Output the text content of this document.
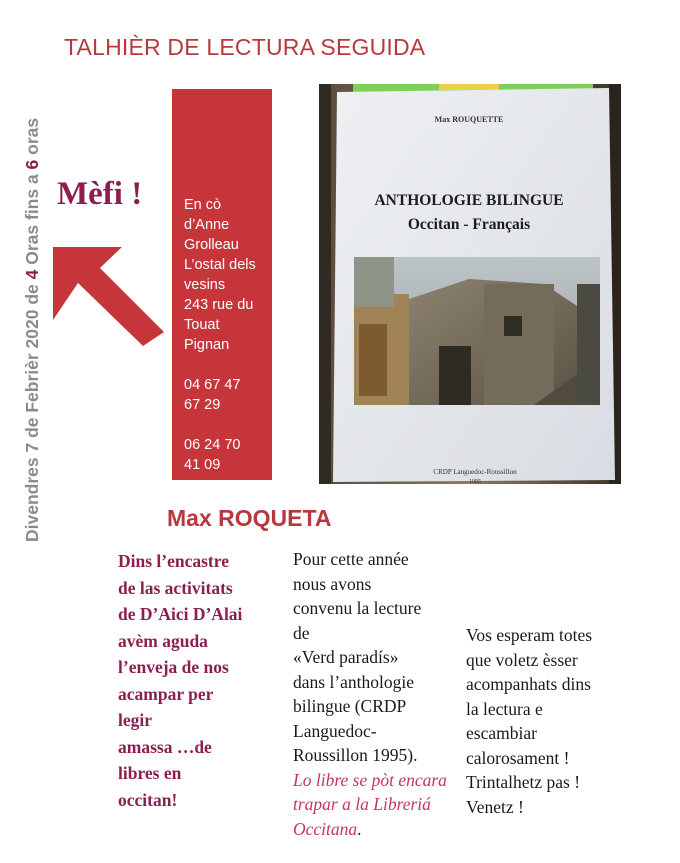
TALHIÈR DE LECTURA SEGUIDA
Divendres 7 de Febrièr 2020 de 4 Oras fins a 6 oras
Mèfi !	En cò
d’Anne
Grolleau
L’ostal dels
vesins
243 rue du
Touat
Pignan
04 67 47
67 29
06 24 70
41 09
Max ROUQUETTE
ANTHOLOGIE BILINGUE
Occitan - Français
CRDP Languedoc-Roussillon
1995
Max ROQUETA
Dins l’encastre
de las activitats
de D’Aici D’Alai
avèm aguda
l’enveja de nos
acampar per
legir
amassa …de
libres en
occitan!
Pour cette année
nous avons
convenu la lecture
de
«Verd paradís»
dans l’anthologie
bilingue (CRDP
Languedoc-
Roussillon 1995).
Lo libre se pòt encara
trapar a la Libreriá
Occitana.
Vos esperam totes
que voletz èsser
acompanhats dins
la lectura e
escambiar
calorosament !
Trintalhetz pas !
Venetz !
